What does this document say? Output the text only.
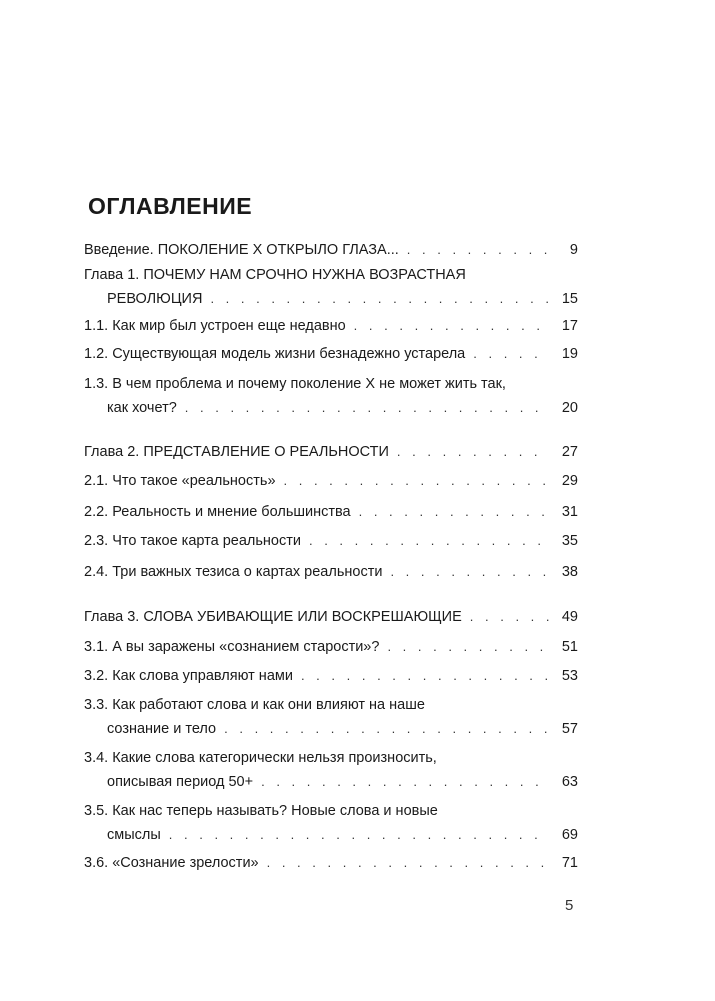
ОГЛАВЛЕНИЕ
Введение. ПОКОЛЕНИЕ X ОТКРЫЛО ГЛАЗА... . . .	9
Глава 1. ПОЧЕМУ НАМ СРОЧНО НУЖНА ВОЗРАСТНАЯ
РЕВОЛЮЦИЯ . . .	15
1.1. Как мир был устроен еще недавно . . .	17
1.2. Существующая модель жизни безнадежно устарела . . .	19
1.3. В чем проблема и почему поколение X не может жить так,
как хочет? . . .	20
Глава 2. ПРЕДСТАВЛЕНИЕ О РЕАЛЬНОСТИ . . .	27
2.1. Что такое «реальность» . . .	29
2.2. Реальность и мнение большинства . . .	31
2.3. Что такое карта реальности . . .	35
2.4. Три важных тезиса о картах реальности . . .	38
Глава 3. СЛОВА УБИВАЮЩИЕ ИЛИ ВОСКРЕШАЮЩИЕ . . .	49
3.1. А вы заражены «сознанием старости»? . . .	51
3.2. Как слова управляют нами . . .	53
3.3. Как работают слова и как они влияют на наше
сознание и тело . . .	57
3.4. Какие слова категорически нельзя произносить,
описывая период 50+ . . .	63
3.5. Как нас теперь называть? Новые слова и новые
смыслы . . .	69
3.6. «Сознание зрелости» . . .	71
5
